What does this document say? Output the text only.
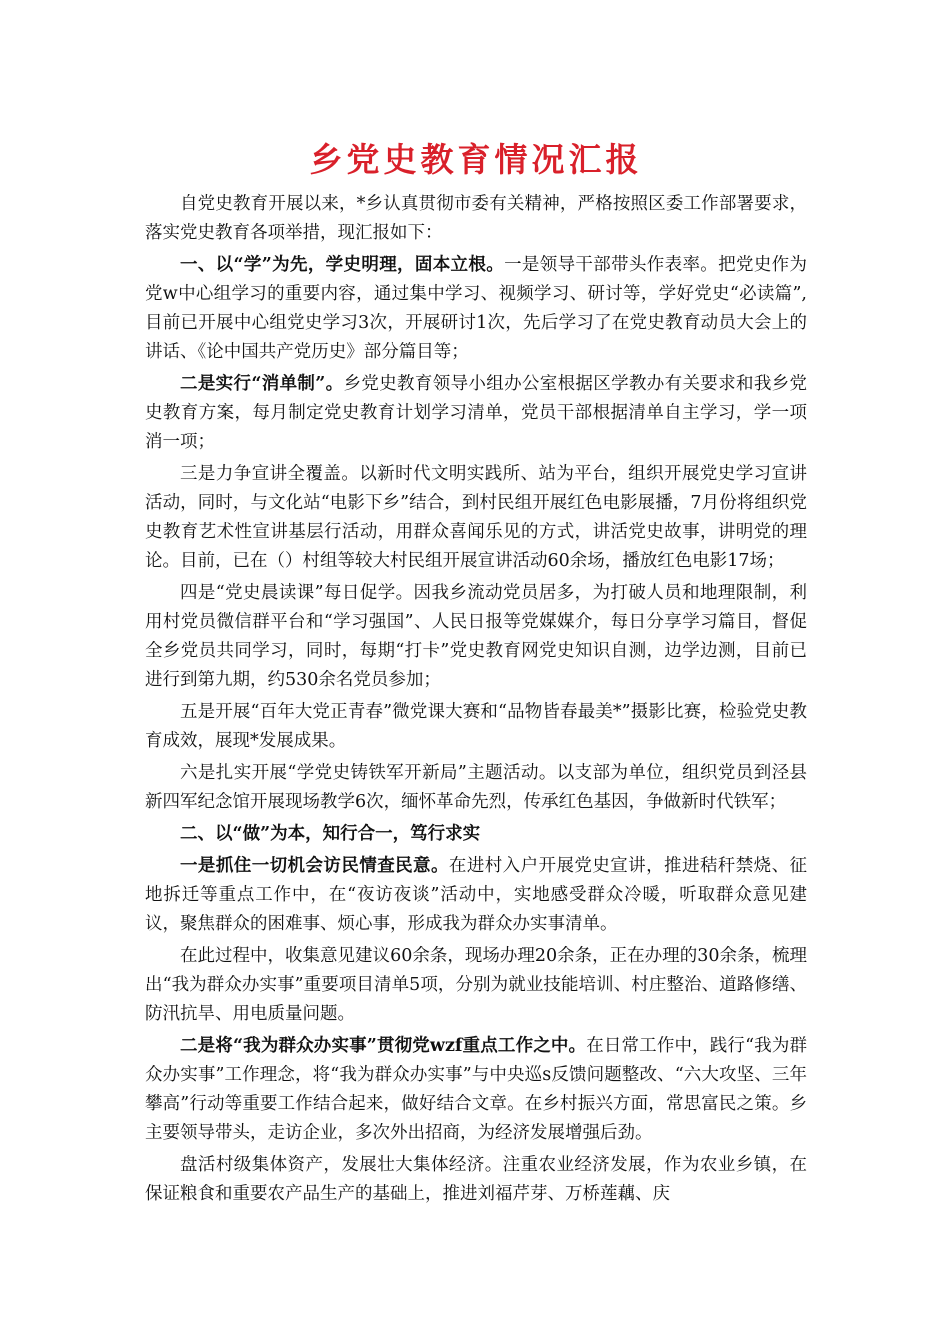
乡党史教育情况汇报

自党史教育开展以来，*乡认真贯彻市委有关精神，严格按照区委工作部署要求，落实党史教育各项举措，现汇报如下：

一、以“学”为先，学史明理，固本立根。一是领导干部带头作表率。把党史作为党w中心组学习的重要内容，通过集中学习、视频学习、研讨等，学好党史“必读篇”,目前已开展中心组党史学习3次，开展研讨1次，先后学习了在党史教育动员大会上的讲话、《论中国共产党历史》部分篇目等；

二是实行“消单制”。乡党史教育领导小组办公室根据区学教办有关要求和我乡党史教育方案，每月制定党史教育计划学习清单，党员干部根据清单自主学习，学一项消一项；

三是力争宣讲全覆盖。以新时代文明实践所、站为平台，组织开展党史学习宣讲活动，同时，与文化站“电影下乡”结合，到村民组开展红色电影展播，7月份将组织党史教育艺术性宣讲基层行活动，用群众喜闻乐见的方式，讲活党史故事，讲明党的理论。目前，已在（）村组等较大村民组开展宣讲活动60余场，播放红色电影17场；

四是“党史晨读课”每日促学。因我乡流动党员居多，为打破人员和地理限制，利用村党员微信群平台和“学习强国”、人民日报等党媒媒介，每日分享学习篇目，督促全乡党员共同学习，同时，每期“打卡”党史教育网党史知识自测，边学边测，目前已进行到第九期，约530余名党员参加；

五是开展“百年大党正青春”微党课大赛和“品物皆春最美*”摄影比赛，检验党史教育成效，展现*发展成果。

六是扎实开展“学党史铸铁军开新局”主题活动。以支部为单位，组织党员到泾县新四军纪念馆开展现场教学6次，缅怀革命先烈，传承红色基因，争做新时代铁军；

二、以“做”为本，知行合一，笃行求实

一是抓住一切机会访民情查民意。在进村入户开展党史宣讲，推进秸秆禁烧、征地拆迁等重点工作中，在“夜访夜谈”活动中，实地感受群众冷暖，听取群众意见建议，聚焦群众的困难事、烦心事，形成我为群众办实事清单。

在此过程中，收集意见建议60余条，现场办理20余条，正在办理的30余条，梳理出“我为群众办实事”重要项目清单5项，分别为就业技能培训、村庄整治、道路修缮、防汛抗旱、用电质量问题。

二是将“我为群众办实事”贯彻党wzf重点工作之中。在日常工作中，践行“我为群众办实事”工作理念，将“我为群众办实事”与中央巡s反馈问题整改、“六大攻坚、三年攀高”行动等重要工作结合起来，做好结合文章。在乡村振兴方面，常思富民之策。乡主要领导带头，走访企业，多次外出招商，为经济发展增强后劲。

盘活村级集体资产，发展壮大集体经济。注重农业经济发展，作为农业乡镇，在保证粮食和重要农产品生产的基础上，推进刘福芹芽、万桥莲藕、庆
